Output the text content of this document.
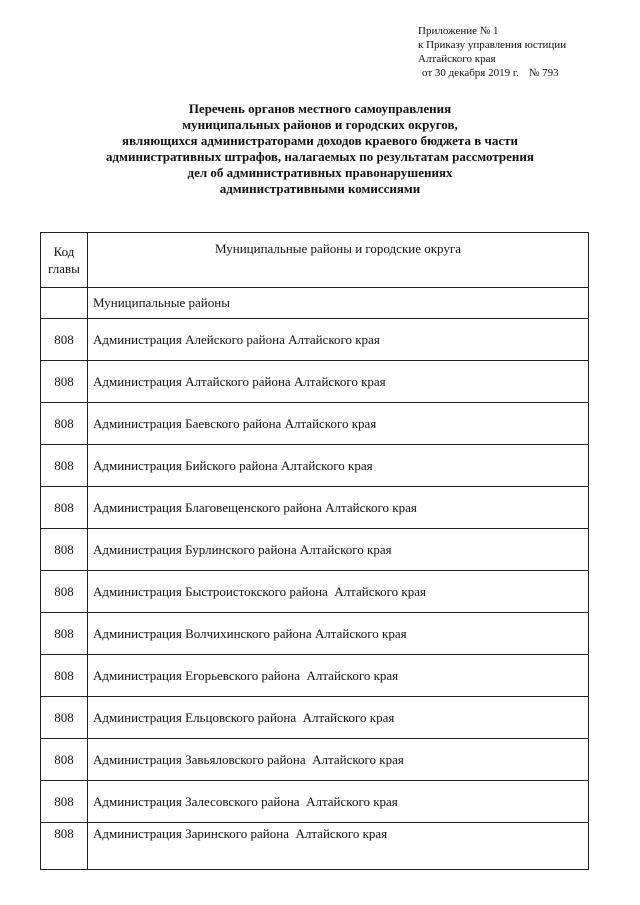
Приложение № 1
к Приказу управления юстиции
Алтайского края
от 30 декабря 2019 г. № 793
Перечень органов местного самоуправления
муниципальных районов и городских округов,
являющихся администраторами доходов краевого бюджета в части
административных штрафов, налагаемых по результатам рассмотрения
дел об административных правонарушениях
административными комиссиями
Код
главы	Муниципальные районы и городские округа
	Муниципальные районы
808	Администрация Алейского района Алтайского края
808	Администрация Алтайского района Алтайского края
808	Администрация Баевского района Алтайского края
808	Администрация Бийского района Алтайского края
808	Администрация Благовещенского района Алтайского края
808	Администрация Бурлинского района Алтайского края
808	Администрация Быстроистокского района  Алтайского края
808	Администрация Волчихинского района Алтайского края
808	Администрация Егорьевского района  Алтайского края
808	Администрация Ельцовского района  Алтайского края
808	Администрация Завьяловского района  Алтайского края
808	Администрация Залесовского района  Алтайского края
808	Администрация Заринского района  Алтайского края
